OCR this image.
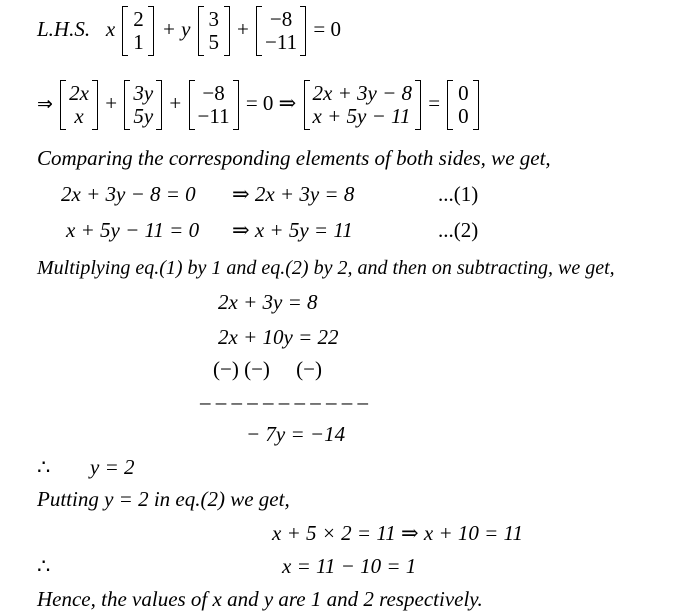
L.H.S. x 2
1
+ y 3
5
+ −8
−11
= 0
⇒ 2x
x
+ 3y
5y
+ −8
−11
= 0 ⇒ 2x + 3y − 8
x + 5y − 11
= 0
0
Comparing the corresponding elements of both sides, we get,
2x + 3y − 8 = 0 ⇒ 2x + 3y = 8	...(1)
x + 5y − 11 = 0 ⇒ x + 5y = 11	...(2)
Multiplying eq.(1) by 1 and eq.(2) by 2, and then on subtracting, we get,
2x + 3y = 8
2x + 10y = 22
(−) (−)     (−)
– – – – – – – – – – –
− 7y = −14
∴ y = 2
Putting y = 2 in eq.(2) we get,
x + 5 × 2 = 11 ⇒ x + 10 = 11
∴	x = 11 − 10 = 1
Hence, the values of x and y are 1 and 2 respectively.
